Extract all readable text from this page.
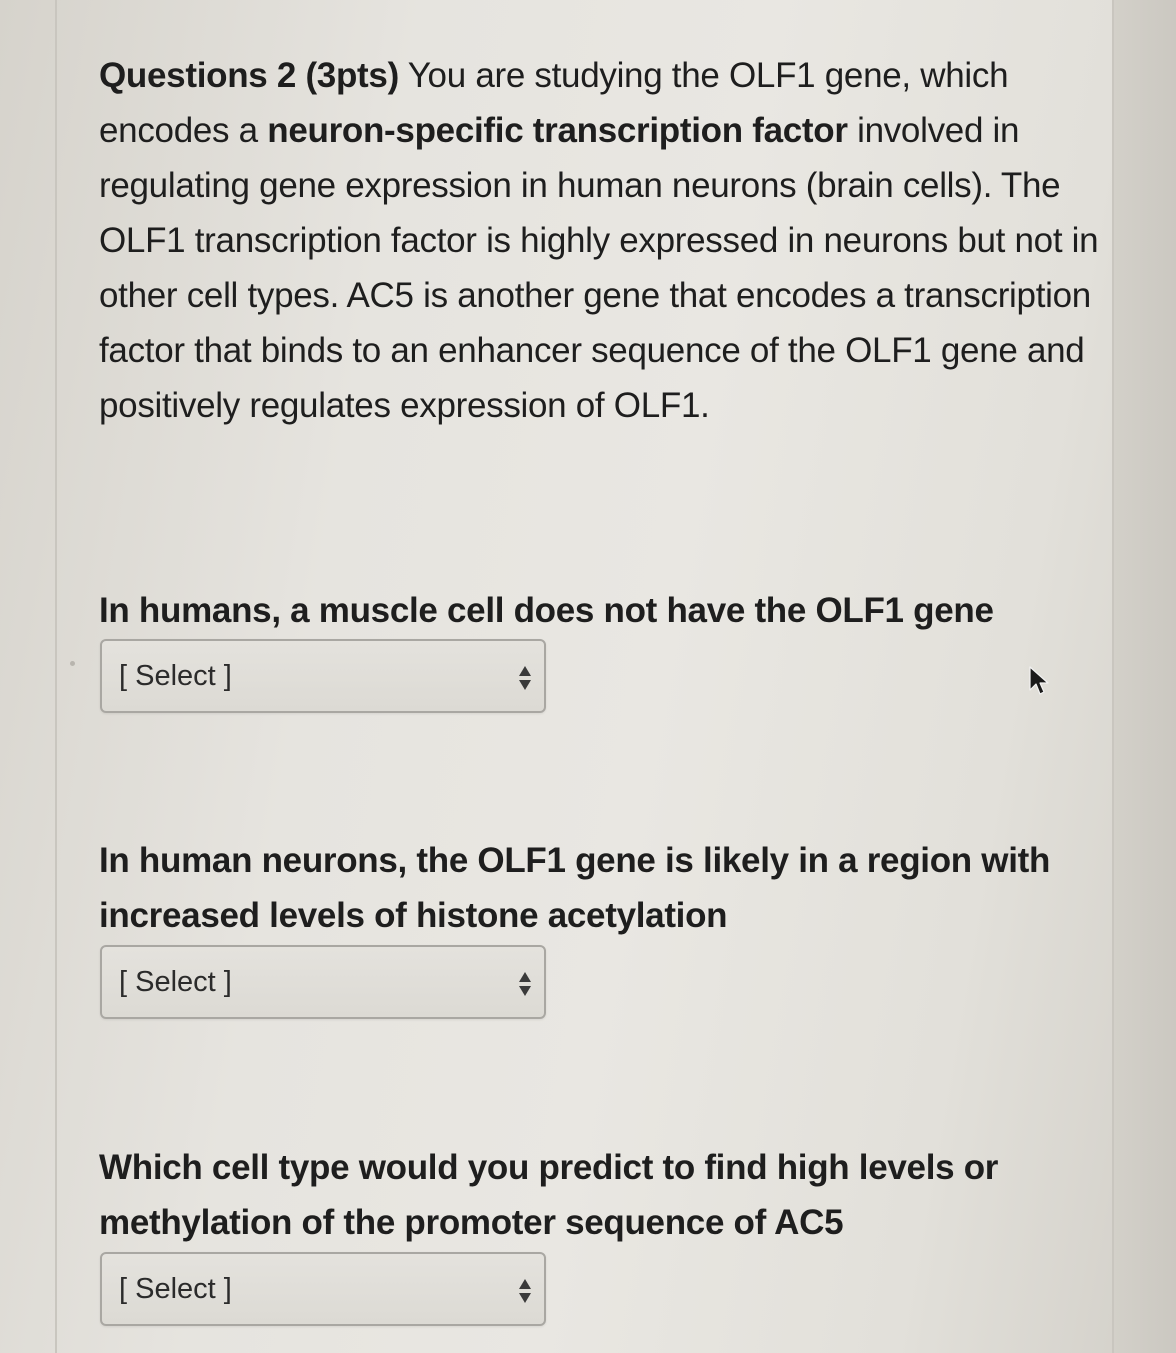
Questions 2 (3pts) You are studying the OLF1 gene, which encodes a neuron-specific transcription factor involved in regulating gene expression in human neurons (brain cells). The OLF1 transcription factor is highly expressed in neurons but not in other cell types. AC5 is another gene that encodes a transcription factor that binds to an enhancer sequence of the OLF1 gene and positively regulates expression of OLF1.

In humans, a muscle cell does not have the OLF1 gene

[ Select ]

In human neurons, the OLF1 gene is likely in a region with increased levels of histone acetylation

[ Select ]

Which cell type would you predict to find high levels or methylation of the promoter sequence of AC5

[ Select ]
